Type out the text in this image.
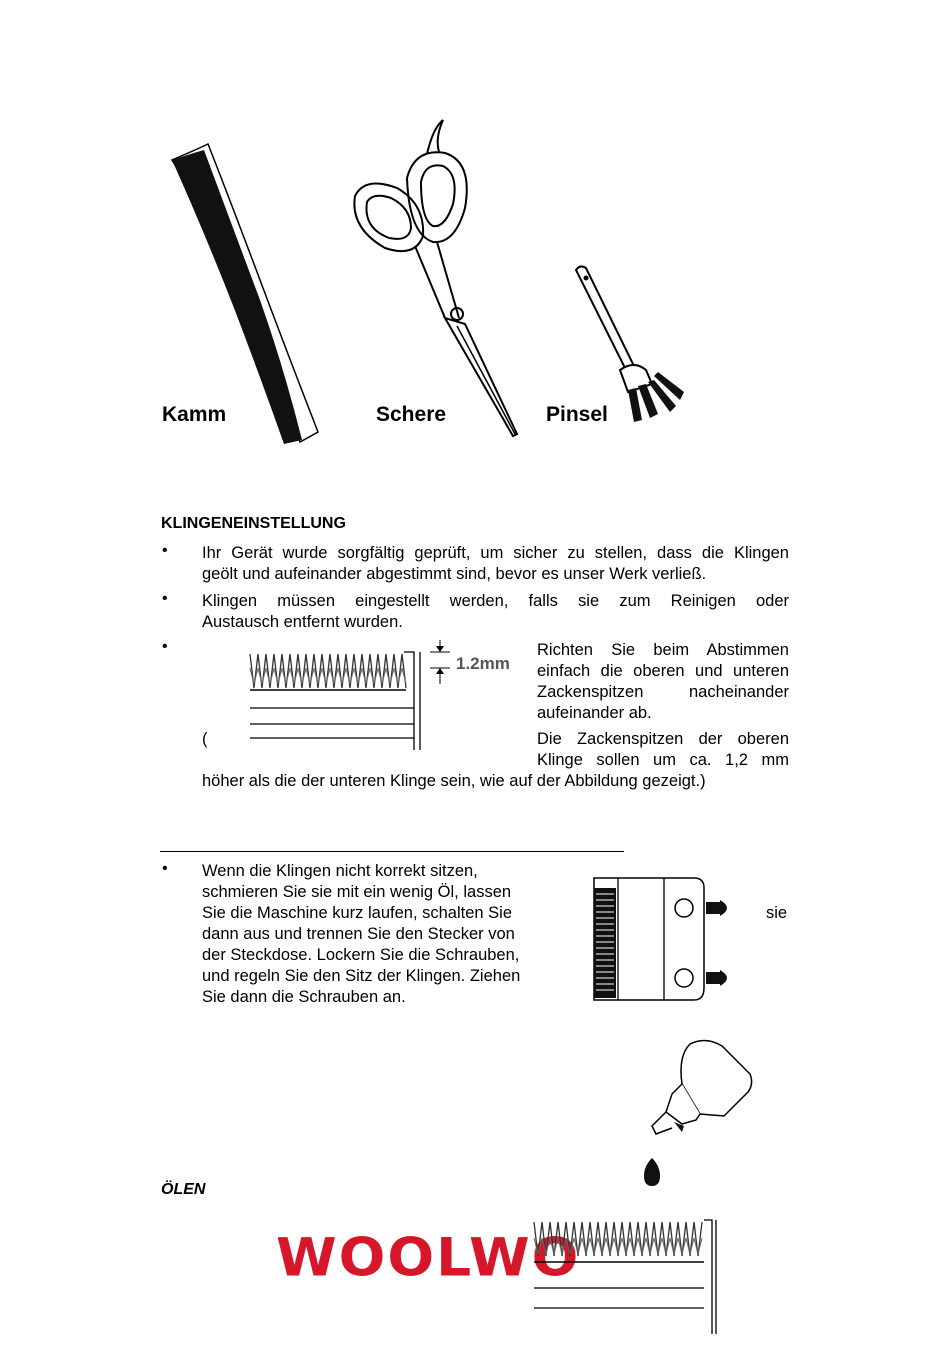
Kamm	Schere	Pinsel
KLINGENEINSTELLUNG
• Ihr Gerät wurde sorgfältig geprüft, um sicher zu stellen, dass die Klingen
geölt und aufeinander abgestimmt sind, bevor es unser Werk verließ.
• Klingen müssen eingestellt werden, falls sie zum Reinigen oder
Austausch entfernt wurden.
•
1.2mm
Richten Sie beim Abstimmen
einfach die oberen und unteren
Zackenspitzen nacheinander
aufeinander ab.
(	Die Zackenspitzen der oberen
Klinge sollen um ca. 1,2 mm
höher als die der unteren Klinge sein, wie auf der Abbildung gezeigt.)
• Wenn die Klingen nicht korrekt sitzen,
schmieren Sie sie mit ein wenig Öl, lassen
Sie die Maschine kurz laufen, schalten Sie	sie
dann aus und trennen Sie den Stecker von
der Steckdose. Lockern Sie die Schrauben,
und regeln Sie den Sitz der Klingen. Ziehen
Sie dann die Schrauben an.
ÖLEN
WOOLWO
